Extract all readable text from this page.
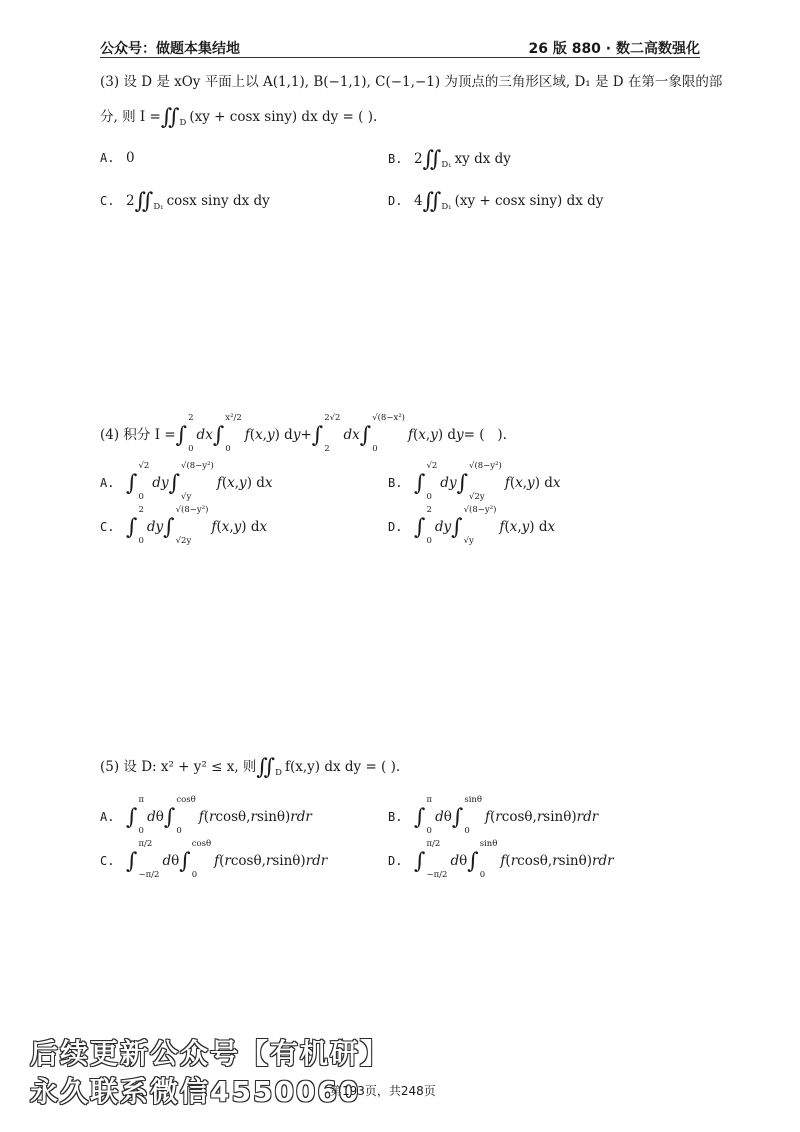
公众号：做题本集结地	26 版 880 · 数二高数强化
(3) 设 D 是 xOy 平面上以 A(1,1), B(−1,1), C(−1,−1) 为顶点的三角形区域, D₁ 是 D 在第一象限的部
分, 则 I = ∬ D (xy + cosx siny) dx dy = ( ).
A. 0	B. 2 ∬ D₁ xy dx dy
C. 2 ∬ D₁ cosx siny dx dy	D. 4 ∬ D₁ (xy + cosx siny) dx dy
(4) 积分 I = ∫
2
0
dx ∫
x²/2
0
f ( x , y ) d y + ∫
2√2
2
dx ∫
√(8−x²)
0
f ( x , y ) d y = (   ).
A. ∫
√2
0
dy ∫
√(8−y²)
√y
f ( x , y ) d x	B. ∫
√2
0
dy ∫
√(8−y²)
√2y
f ( x , y ) d x
C. ∫
2
0
dy ∫
√(8−y²)
√2y
f ( x , y ) d x	D. ∫
2
0
dy ∫
√(8−y²)
√y
f ( x , y ) d x
(5) 设 D: x² + y² ≤ x, 则 ∬ D f(x,y) dx dy = ( ).
A. ∫
π
0
d θ ∫
cosθ
0
f ( r cosθ, r sinθ) rdr	B. ∫
π
0
d θ ∫
sinθ
0
f ( r cosθ, r sinθ) rdr
C. ∫
π/2
−π/2
d θ ∫
cosθ
0
f ( r cosθ, r sinθ) rdr	D. ∫
π/2
−π/2
d θ ∫
sinθ
0
f ( r cosθ, r sinθ) rdr
后续更新公众号【有机研】
永久联系微信4550060
第193页，共248页
